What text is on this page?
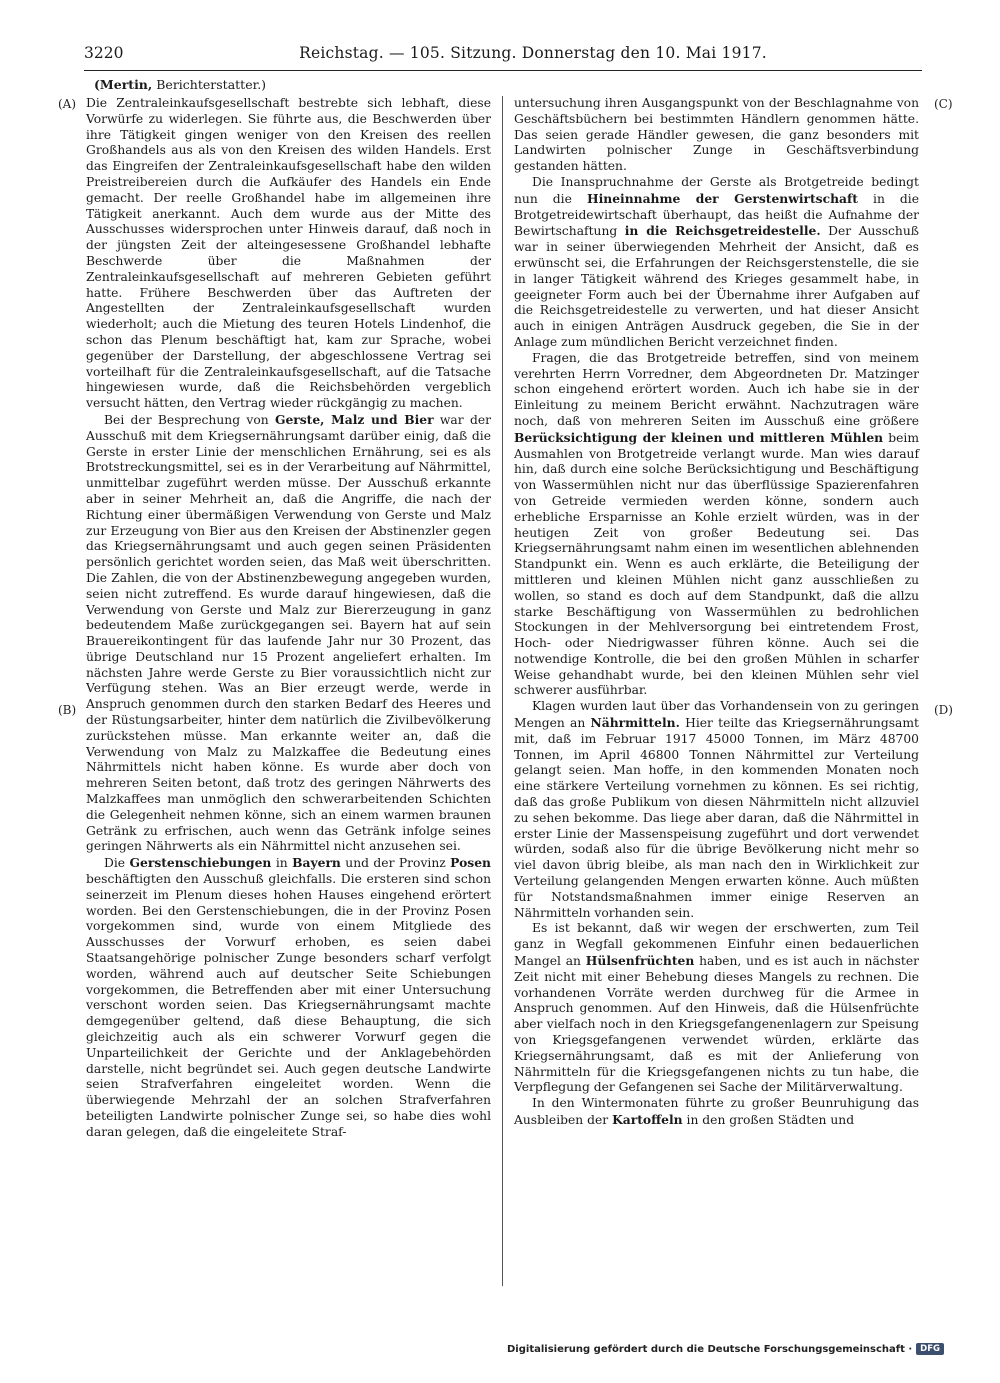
3220	Reichstag. — 105. Sitzung. Donnerstag den 10. Mai 1917.
(Mertin, Berichterstatter.)
(A)
(B)
(C)
(D)

Die Zentraleinkaufsgesellschaft bestrebte sich lebhaft, diese Vorwürfe zu widerlegen. Sie führte aus, die Beschwerden über ihre Tätigkeit gingen weniger von den Kreisen des reellen Großhandels aus als von den Kreisen des wilden Handels. Erst das Eingreifen der Zentraleinkaufsgesellschaft habe den wilden Preistreibereien durch die Aufkäufer des Handels ein Ende gemacht. Der reelle Großhandel habe im allgemeinen ihre Tätigkeit anerkannt. Auch dem wurde aus der Mitte des Ausschusses widersprochen unter Hinweis darauf, daß noch in der jüngsten Zeit der alteingesessene Großhandel lebhafte Beschwerde über die Maßnahmen der Zentraleinkaufsgesellschaft auf mehreren Gebieten geführt hatte. Frühere Beschwerden über das Auftreten der Angestellten der Zentraleinkaufsgesellschaft wurden wiederholt; auch die Mietung des teuren Hotels Lindenhof, die schon das Plenum beschäftigt hat, kam zur Sprache, wobei gegenüber der Darstellung, der abgeschlossene Vertrag sei vorteilhaft für die Zentraleinkaufsgesellschaft, auf die Tatsache hingewiesen wurde, daß die Reichsbehörden vergeblich versucht hätten, den Vertrag wieder rückgängig zu machen.

Bei der Besprechung von Gerste, Malz und Bier war der Ausschuß mit dem Kriegsernährungsamt darüber einig, daß die Gerste in erster Linie der menschlichen Ernährung, sei es als Brotstreckungsmittel, sei es in der Verarbeitung auf Nährmittel, unmittelbar zugeführt werden müsse. Der Ausschuß erkannte aber in seiner Mehrheit an, daß die Angriffe, die nach der Richtung einer übermäßigen Verwendung von Gerste und Malz zur Erzeugung von Bier aus den Kreisen der Abstinenzler gegen das Kriegsernährungsamt und auch gegen seinen Präsidenten persönlich gerichtet worden seien, das Maß weit überschritten. Die Zahlen, die von der Abstinenzbewegung angegeben wurden, seien nicht zutreffend. Es wurde darauf hingewiesen, daß die Verwendung von Gerste und Malz zur Biererzeugung in ganz bedeutendem Maße zurückgegangen sei. Bayern hat auf sein Brauereikontingent für das laufende Jahr nur 30 Prozent, das übrige Deutschland nur 15 Prozent angeliefert erhalten. Im nächsten Jahre werde Gerste zu Bier voraussichtlich nicht zur Verfügung stehen. Was an Bier erzeugt werde, werde in Anspruch genommen durch den starken Bedarf des Heeres und der Rüstungsarbeiter, hinter dem natürlich die Zivilbevölkerung zurückstehen müsse. Man erkannte weiter an, daß die Verwendung von Malz zu Malzkaffee die Bedeutung eines Nährmittels nicht haben könne. Es wurde aber doch von mehreren Seiten betont, daß trotz des geringen Nährwerts des Malzkaffees man unmöglich den schwerarbeitenden Schichten die Gelegenheit nehmen könne, sich an einem warmen braunen Getränk zu erfrischen, auch wenn das Getränk infolge seines geringen Nährwerts als ein Nährmittel nicht anzusehen sei.

Die Gerstenschiebungen in Bayern und der Provinz Posen beschäftigten den Ausschuß gleichfalls. Die ersteren sind schon seinerzeit im Plenum dieses hohen Hauses eingehend erörtert worden. Bei den Gerstenschiebungen, die in der Provinz Posen vorgekommen sind, wurde von einem Mitgliede des Ausschusses der Vorwurf erhoben, es seien dabei Staatsangehörige polnischer Zunge besonders scharf verfolgt worden, während auch auf deutscher Seite Schiebungen vorgekommen, die Betreffenden aber mit einer Untersuchung verschont worden seien. Das Kriegsernährungsamt machte demgegenüber geltend, daß diese Behauptung, die sich gleichzeitig auch als ein schwerer Vorwurf gegen die Unparteilichkeit der Gerichte und der Anklagebehörden darstelle, nicht begründet sei. Auch gegen deutsche Landwirte seien Strafverfahren eingeleitet worden. Wenn die überwiegende Mehrzahl der an solchen Strafverfahren beteiligten Landwirte polnischer Zunge sei, so habe dies wohl daran gelegen, daß die eingeleitete Straf-

untersuchung ihren Ausgangspunkt von der Beschlagnahme von Geschäftsbüchern bei bestimmten Händlern genommen hätte. Das seien gerade Händler gewesen, die ganz besonders mit Landwirten polnischer Zunge in Geschäftsverbindung gestanden hätten.

Die Inanspruchnahme der Gerste als Brotgetreide bedingt nun die Hineinnahme der Gerstenwirtschaft in die Brotgetreidewirtschaft überhaupt, das heißt die Aufnahme der Bewirtschaftung in die Reichsgetreidestelle. Der Ausschuß war in seiner überwiegenden Mehrheit der Ansicht, daß es erwünscht sei, die Erfahrungen der Reichsgerstenstelle, die sie in langer Tätigkeit während des Krieges gesammelt habe, in geeigneter Form auch bei der Übernahme ihrer Aufgaben auf die Reichsgetreidestelle zu verwerten, und hat dieser Ansicht auch in einigen Anträgen Ausdruck gegeben, die Sie in der Anlage zum mündlichen Bericht verzeichnet finden.

Fragen, die das Brotgetreide betreffen, sind von meinem verehrten Herrn Vorredner, dem Abgeordneten Dr. Matzinger schon eingehend erörtert worden. Auch ich habe sie in der Einleitung zu meinem Bericht erwähnt. Nachzutragen wäre noch, daß von mehreren Seiten im Ausschuß eine größere Berücksichtigung der kleinen und mittleren Mühlen beim Ausmahlen von Brotgetreide verlangt wurde. Man wies darauf hin, daß durch eine solche Berücksichtigung und Beschäftigung von Wassermühlen nicht nur das überflüssige Spazierenfahren von Getreide vermieden werden könne, sondern auch erhebliche Ersparnisse an Kohle erzielt würden, was in der heutigen Zeit von großer Bedeutung sei. Das Kriegsernährungsamt nahm einen im wesentlichen ablehnenden Standpunkt ein. Wenn es auch erklärte, die Beteiligung der mittleren und kleinen Mühlen nicht ganz ausschließen zu wollen, so stand es doch auf dem Standpunkt, daß die allzu starke Beschäftigung von Wassermühlen zu bedrohlichen Stockungen in der Mehlversorgung bei eintretendem Frost, Hoch- oder Niedrigwasser führen könne. Auch sei die notwendige Kontrolle, die bei den großen Mühlen in scharfer Weise gehandhabt wurde, bei den kleinen Mühlen sehr viel schwerer ausführbar.

Klagen wurden laut über das Vorhandensein von zu geringen Mengen an Nährmitteln. Hier teilte das Kriegsernährungsamt mit, daß im Februar 1917 45000 Tonnen, im März 48700 Tonnen, im April 46800 Tonnen Nährmittel zur Verteilung gelangt seien. Man hoffe, in den kommenden Monaten noch eine stärkere Verteilung vornehmen zu können. Es sei richtig, daß das große Publikum von diesen Nährmitteln nicht allzuviel zu sehen bekomme. Das liege aber daran, daß die Nährmittel in erster Linie der Massenspeisung zugeführt und dort verwendet würden, sodaß also für die übrige Bevölkerung nicht mehr so viel davon übrig bleibe, als man nach den in Wirklichkeit zur Verteilung gelangenden Mengen erwarten könne. Auch müßten für Notstandsmaßnahmen immer einige Reserven an Nährmitteln vorhanden sein.

Es ist bekannt, daß wir wegen der erschwerten, zum Teil ganz in Wegfall gekommenen Einfuhr einen bedauerlichen Mangel an Hülsenfrüchten haben, und es ist auch in nächster Zeit nicht mit einer Behebung dieses Mangels zu rechnen. Die vorhandenen Vorräte werden durchweg für die Armee in Anspruch genommen. Auf den Hinweis, daß die Hülsenfrüchte aber vielfach noch in den Kriegsgefangenenlagern zur Speisung von Kriegsgefangenen verwendet würden, erklärte das Kriegsernährungsamt, daß es mit der Anlieferung von Nährmitteln für die Kriegsgefangenen nichts zu tun habe, die Verpflegung der Gefangenen sei Sache der Militärverwaltung.

In den Wintermonaten führte zu großer Beunruhigung das Ausbleiben der Kartoffeln in den großen Städten und

Digitalisierung gefördert durch die Deutsche Forschungsgemeinschaft · DFG
